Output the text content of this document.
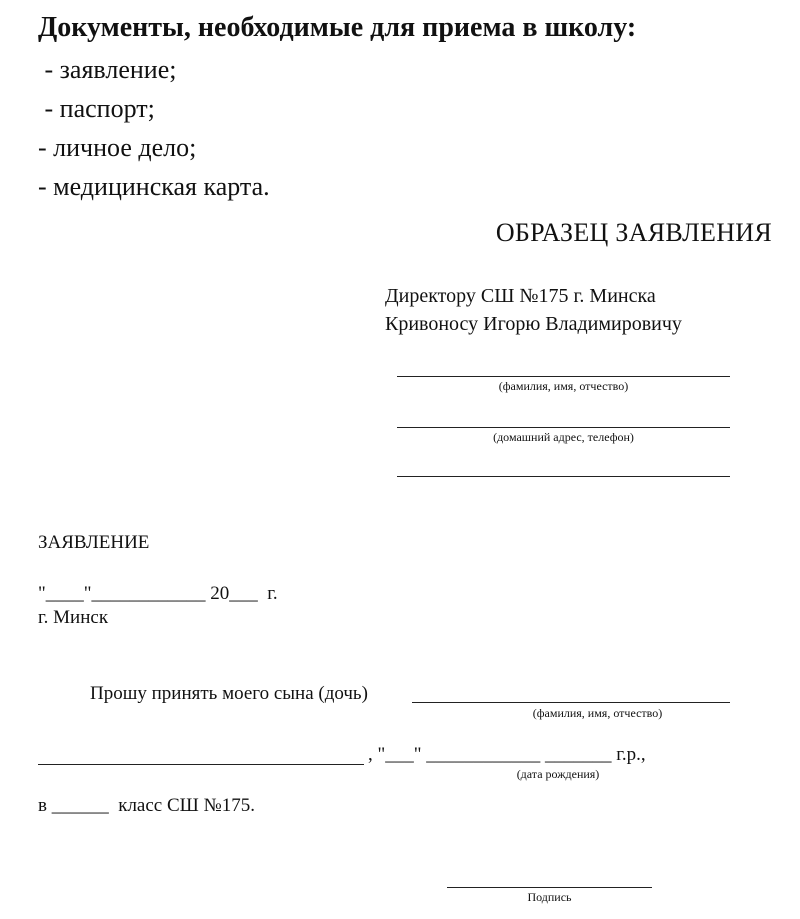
Документы, необходимые для приема в школу:
- заявление;
- паспорт;
- личное дело;
- медицинская карта.
ОБРАЗЕЦ ЗАЯВЛЕНИЯ
Директору СШ №175 г. Минска
Кривоносу Игорю Владимировичу
(фамилия, имя, отчество)
(домашний адрес, телефон)
ЗАЯВЛЕНИЕ
"____"____________ 20___  г.
г. Минск
Прошу принять моего сына (дочь)
(фамилия, имя, отчество)
, "___" ____________ _______ г.р.,
(дата рождения)
в ______  класс СШ №175.
Подпись
